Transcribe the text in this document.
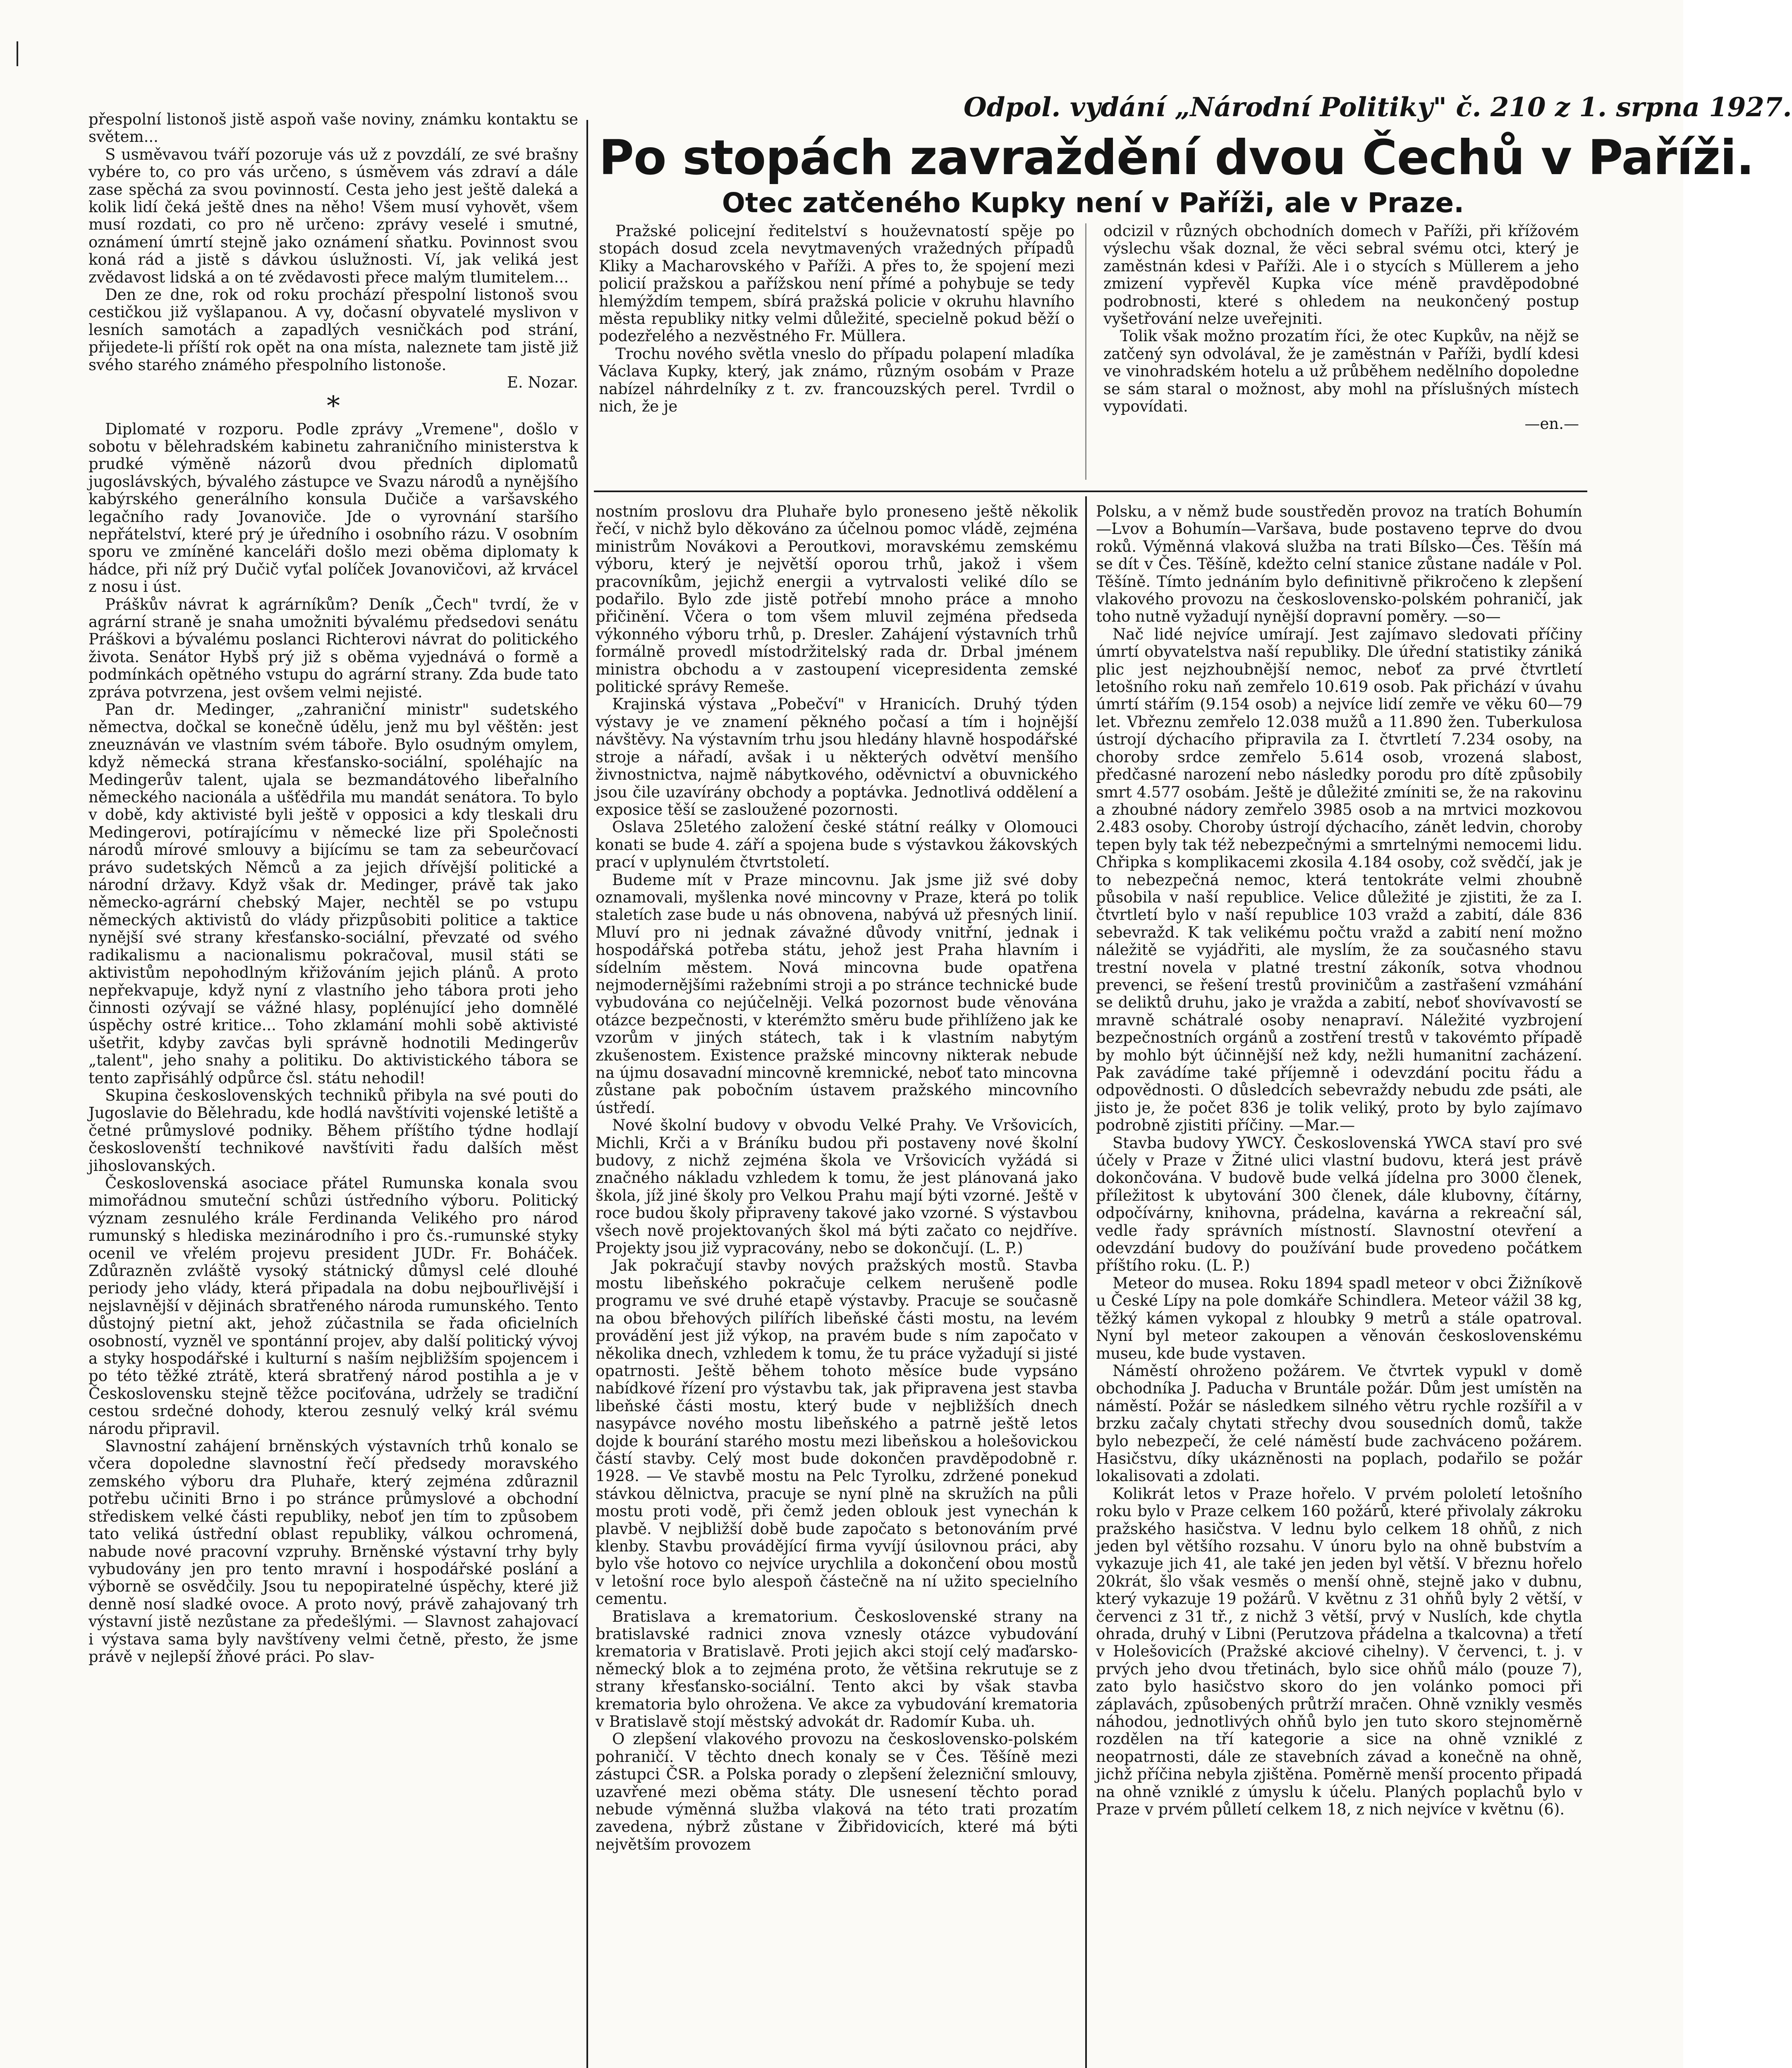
Odpol. vydání „Národní Politiky" č. 210 z 1. srpna 1927.
Po stopách zavraždění dvou Čechů v Paříži.
Otec zatčeného Kupky není v Paříži, ale v Praze.

Pražské policejní ředitelství s houževnatostí spěje po stopách dosud zcela nevytmavených vražedných případů Kliky a Macharovského v Paříži. A přes to, že spojení mezi policií pražskou a pařížskou není přímé a pohybuje se tedy hlemýždím tempem, sbírá pražská policie v okruhu hlavního města republiky nitky velmi důležité, specielně pokud běží o podezřelého a nezvěstného Fr. Müllera.

Trochu nového světla vneslo do případu polapení mladíka Václava Kupky, který, jak známo, různým osobám v Praze nabízel náhrdelníky z t. zv. francouzských perel. Tvrdil o nich, že je

odcizil v různých obchodních domech v Paříži, při křížovém výslechu však doznal, že věci sebral svému otci, který je zaměstnán kdesi v Paříži. Ale i o stycích s Müllerem a jeho zmizení vypřevěl Kupka více méně pravděpodobné podrobnosti, které s ohledem na neukončený postup vyšetřování nelze uveřejniti.

Tolik však možno prozatím říci, že otec Kupkův, na nějž se zatčený syn odvolával, že je zaměstnán v Paříži, bydlí kdesi ve vinohradském hotelu a už průběhem nedělního dopoledne se sám staral o možnost, aby mohl na příslušných místech vypovídati.

—en.—

přespolní listonoš jistě aspoň vaše noviny, známku kontaktu se světem...

S usměvavou tváří pozoruje vás už z povzdálí, ze své brašny vybére to, co pro vás určeno, s úsměvem vás zdraví a dále zase spěchá za svou povinností. Cesta jeho jest ještě daleká a kolik lidí čeká ještě dnes na něho! Všem musí vyhovět, všem musí rozdati, co pro ně určeno: zprávy veselé i smutné, oznámení úmrtí stejně jako oznámení sňatku. Povinnost svou koná rád a jistě s dávkou úslužnosti. Ví, jak veliká jest zvědavost lidská a on té zvědavosti přece malým tlumitelem...

Den ze dne, rok od roku prochází přespolní listonoš svou cestičkou již vyšlapanou. A vy, dočasní obyvatelé myslivon v lesních samotách a zapadlých vesničkách pod strání, přijedete-li příští rok opět na ona místa, naleznete tam jistě již svého starého známého přespolního listonoše.

E. Nozar.
*

Diplomaté v rozporu. Podle zprávy „Vremene", došlo v sobotu v bělehradském kabinetu zahraničního ministerstva k prudké výměně názorů dvou předních diplomatů jugoslávských, bývalého zástupce ve Svazu národů a nynějšího kabýrského generálního konsula Dučiče a varšavského legačního rady Jovanoviče. Jde o vyrovnání staršího nepřátelství, které prý je úředního i osobního rázu. V osobním sporu ve zmíněné kanceláři došlo mezi oběma diplomaty k hádce, při níž prý Dučič vyťal políček Jovanovičovi, až krvácel z nosu i úst.

Práškův návrat k agrárníkům? Deník „Čech" tvrdí, že v agrární straně je snaha umožniti bývalému předsedovi senátu Práškovi a bývalému poslanci Richterovi návrat do politického života. Senátor Hybš prý již s oběma vyjednává o formě a podmínkách opětného vstupu do agrární strany. Zda bude tato zpráva potvrzena, jest ovšem velmi nejisté.

Pan dr. Medinger, „zahraniční ministr" sudetského němectva, dočkal se konečně údělu, jenž mu byl věštěn: jest zneuznáván ve vlastním svém táboře. Bylo osudným omylem, když německá strana křesťansko-sociální, spoléhajíc na Medingerův talent, ujala se bezmandátového libeřalního německého nacionála a ušťědřila mu mandát senátora. To bylo v době, kdy aktivisté byli ještě v opposici a kdy tleskali dru Medingerovi, potírajícímu v německé lize při Společnosti národů mírové smlouvy a bijícímu se tam za sebeurčovací právo sudetských Němců a za jejich dřívější politické a národní državy. Když však dr. Medinger, právě tak jako německo-agrární chebský Majer, nechtěl se po vstupu německých aktivistů do vlády přizpůsobiti politice a taktice nynější své strany křesťansko-sociální, převzaté od svého radikalismu a nacionalismu pokračoval, musil státi se aktivistům nepohodlným křižováním jejich plánů. A proto nepřekvapuje, když nyní z vlastního jeho tábora proti jeho činnosti ozývají se vážné hlasy, poplénující jeho domnělé úspěchy ostré kritice... Toho zklamání mohli sobě aktivisté ušetřit, kdyby zavčas byli správně hodnotili Medingerův „talent", jeho snahy a politiku. Do aktivistického tábora se tento zapřisáhlý odpůrce čsl. státu nehodil!

Skupina československých techniků přibyla na své pouti do Jugoslavie do Bělehradu, kde hodlá navštíviti vojenské letiště a četné průmyslové podniky. Během příštího týdne hodlají českoslovenští technikové navštíviti řadu dalších měst jihoslovanských.

Československá asociace přátel Rumunska konala svou mimořádnou smuteční schůzi ústředního výboru. Politický význam zesnulého krále Ferdinanda Velikého pro národ rumunský s hlediska mezinárodního i pro čs.-rumunské styky ocenil ve vřelém projevu president JUDr. Fr. Boháček. Zdůrazněn zvláště vysoký státnický důmysl celé dlouhé periody jeho vlády, která připadala na dobu nejbouřlivější i nejslavnější v dějinách sbratřeného národa rumunského. Tento důstojný pietní akt, jehož zúčastnila se řada oficielních osobností, vyzněl ve spontánní projev, aby další politický vývoj a styky hospodářské i kulturní s naším nejbližším spojencem i po této těžké ztrátě, která sbratřený národ postihla a je v Československu stejně těžce pociťována, udržely se tradiční cestou srdečné dohody, kterou zesnulý velký král svému národu připravil.

Slavnostní zahájení brněnských výstavních trhů konalo se včera dopoledne slavnostní řečí předsedy moravského zemského výboru dra Pluhaře, který zejména zdůraznil potřebu učiniti Brno i po stránce průmyslové a obchodní střediskem velké části republiky, neboť jen tím to způsobem tato veliká ústřední oblast republiky, válkou ochromená, nabude nové pracovní vzpruhy. Brněnské výstavní trhy byly vybudovány jen pro tento mravní i hospodářské poslání a výborně se osvědčily. Jsou tu nepopiratelné úspěchy, které již denně nosí sladké ovoce. A proto nový, právě zahajovaný trh výstavní jistě nezůstane za předešlými. — Slavnost zahajovací i výstava sama byly navštíveny velmi četně, přesto, že jsme právě v nejlepší žňové práci. Po slav-

nostním proslovu dra Pluhaře bylo proneseno ještě několik řečí, v nichž bylo děkováno za účelnou pomoc vládě, zejména ministrům Novákovi a Peroutkovi, moravskému zemskému výboru, který je největší oporou trhů, jakož i všem pracovníkům, jejichž energii a vytrvalosti veliké dílo se podařilo. Bylo zde jistě potřebí mnoho práce a mnoho přičinění. Včera o tom všem mluvil zejména předseda výkonného výboru trhů, p. Dresler. Zahájení výstavních trhů formálně provedl místodržitelský rada dr. Drbal jménem ministra obchodu a v zastoupení vicepresidenta zemské politické správy Remeše.

Krajinská výstava „Pobečví" v Hranicích. Druhý týden výstavy je ve znamení pěkného počasí a tím i hojnější návštěvy. Na výstavním trhu jsou hledány hlavně hospodářské stroje a nářadí, avšak i u některých odvětví menšího živnostnictva, najmě nábytkového, oděvnictví a obuvnického jsou čile uzavírány obchody a poptávka. Jednotlivá oddělení a exposice těší se zasloužené pozornosti.

Oslava 25letého založení české státní reálky v Olomouci konati se bude 4. září a spojena bude s výstavkou žákovských prací v uplynulém čtvrtstoletí.

Budeme mít v Praze mincovnu. Jak jsme již své doby oznamovali, myšlenka nové mincovny v Praze, která po tolik staletích zase bude u nás obnovena, nabývá už přesných linií. Mluví pro ni jednak závažné důvody vnitřní, jednak i hospodářská potřeba státu, jehož jest Praha hlavním i sídelním městem. Nová mincovna bude opatřena nejmodernějšími ražebními stroji a po stránce technické bude vybudována co nejúčelněji. Velká pozornost bude věnována otázce bezpečnosti, v kterémžto směru bude přihlíženo jak ke vzorům v jiných státech, tak i k vlastním nabytým zkušenostem. Existence pražské mincovny nikterak nebude na újmu dosavadní mincovně kremnické, neboť tato mincovna zůstane pak pobočním ústavem pražského mincovního ústředí.

Nové školní budovy v obvodu Velké Prahy. Ve Vršovicích, Michli, Krči a v Bráníku budou při postaveny nové školní budovy, z nichž zejména škola ve Vršovicích vyžádá si značného nákladu vzhledem k tomu, že jest plánovaná jako škola, jíž jiné školy pro Velkou Prahu mají býti vzorné. Ještě v roce budou školy připraveny takové jako vzorné. S výstavbou všech nově projektovaných škol má býti začato co nejdříve. Projekty jsou již vypracovány, nebo se dokončují. (L. P.)

Jak pokračují stavby nových pražských mostů. Stavba mostu libeňského pokračuje celkem nerušeně podle programu ve své druhé etapě výstavby. Pracuje se současně na obou břehových pilířích libeňské části mostu, na levém provádění jest již výkop, na pravém bude s ním započato v několika dnech, vzhledem k tomu, že tu práce vyžadují si jisté opatrnosti. Ještě během tohoto měsíce bude vypsáno nabídkové řízení pro výstavbu tak, jak připravena jest stavba libeňské části mostu, který bude v nejbližších dnech nasypávce nového mostu libeňského a patrně ještě letos dojde k bourání starého mostu mezi libeňskou a holešovickou částí stavby. Celý most bude dokončen pravděpodobně r. 1928. — Ve stavbě mostu na Pelc Tyrolku, zdržené ponekud stávkou dělnictva, pracuje se nyní plně na skružích na půli mostu proti vodě, při čemž jeden oblouk jest vynechán k plavbě. V nejbližší době bude započato s betonováním prvé klenby. Stavbu provádějící firma vyvíjí úsilovnou práci, aby bylo vše hotovo co nejvíce urychlila a dokončení obou mostů v letošní roce bylo alespoň částečně na ní užito specielního cementu.

Bratislava a krematorium. Československé strany na bratislavské radnici znova vznesly otázce vybudování krematoria v Bratislavě. Proti jejich akci stojí celý maďarsko-německý blok a to zejména proto, že většina rekrutuje se z strany křesťansko-sociální. Tento akci by však stavba krematoria bylo ohrožena. Ve akce za vybudování krematoria v Bratislavě stojí městský advokát dr. Radomír Kuba. uh.

O zlepšení vlakového provozu na československo-polském pohraničí. V těchto dnech konaly se v Čes. Těšíně mezi zástupci ČSR. a Polska porady o zlepšení železniční smlouvy, uzavřené mezi oběma státy. Dle usnesení těchto porad nebude výměnná služba vlaková na této trati prozatím zavedena, nýbrž zůstane v Žibřidovicích, které má býti největším provozem

Polsku, a v němž bude soustředěn provoz na tratích Bohumín—Lvov a Bohumín—Varšava, bude postaveno teprve do dvou roků. Výměnná vlaková služba na trati Bílsko—Čes. Těšín má se dít v Čes. Těšíně, kdežto celní stanice zůstane nadále v Pol. Těšíně. Tímto jednáním bylo definitivně přikročeno k zlepšení vlakového provozu na československo-polském pohraničí, jak toho nutně vyžadují nynější dopravní poměry. —so—

Nač lidé nejvíce umírají. Jest zajímavo sledovati příčiny úmrtí obyvatelstva naší republiky. Dle úřední statistiky zániká plic jest nejzhoubnější nemoc, neboť za prvé čtvrtletí letošního roku naň zemřelo 10.619 osob. Pak přichází v úvahu úmrtí stářím (9.154 osob) a nejvíce lidí zemře ve věku 60—79 let. Vbřeznu zemřelo 12.038 mužů a 11.890 žen. Tuberkulosa ústrojí dýchacího připravila za I. čtvrtletí 7.234 osoby, na choroby srdce zemřelo 5.614 osob, vrozená slabost, předčasné narození nebo následky porodu pro dítě způsobily smrt 4.577 osobám. Ještě je důležité zmíniti se, že na rakovinu a zhoubné nádory zemřelo 3985 osob a na mrtvici mozkovou 2.483 osoby. Choroby ústrojí dýchacího, zánět ledvin, choroby tepen byly tak též nebezpečnými a smrtelnými nemocemi lidu. Chřipka s komplikacemi zkosila 4.184 osoby, což svědčí, jak je to nebezpečná nemoc, která tentokráte velmi zhoubně působila v naší republice. Velice důležité je zjistiti, že za I. čtvrtletí bylo v naší republice 103 vražd a zabití, dále 836 sebevražd. K tak velikému počtu vražd a zabití není možno náležitě se vyjádřiti, ale myslím, že za současného stavu trestní novela v platné trestní zákoník, sotva vhodnou prevenci, se řešení trestů proviničům a zastřašení vzmáhání se deliktů druhu, jako je vražda a zabití, neboť shovívavostí se mravně schátralé osoby nenapraví. Náležité vyzbrojení bezpečnostních orgánů a zostření trestů v takovémto případě by mohlo být účinnější než kdy, nežli humanitní zacházení. Pak zavádíme také příjemně i odevzdání pocitu řádu a odpovědnosti. O důsledcích sebevraždy nebudu zde psáti, ale jisto je, že počet 836 je tolik veliký, proto by bylo zajímavo podrobně zjistiti příčiny. —Mar.—

Stavba budovy YWCY. Československá YWCA staví pro své účely v Praze v Žitné ulici vlastní budovu, která jest právě dokončována. V budově bude velká jídelna pro 3000 členek, příležitost k ubytování 300 členek, dále klubovny, čítárny, odpočívárny, knihovna, prádelna, kavárna a rekreační sál, vedle řady správních místností. Slavnostní otevření a odevzdání budovy do používání bude provedeno počátkem příštího roku. (L. P.)

Meteor do musea. Roku 1894 spadl meteor v obci Žižníkově u České Lípy na pole domkáře Schindlera. Meteor vážil 38 kg, těžký kámen vykopal z hloubky 9 metrů a stále opatroval. Nyní byl meteor zakoupen a věnován československému museu, kde bude vystaven.

Náměstí ohroženo požárem. Ve čtvrtek vypukl v domě obchodníka J. Paducha v Bruntále požár. Dům jest umístěn na náměstí. Požár se následkem silného větru rychle rozšířil a v brzku začaly chytati střechy dvou sousedních domů, takže bylo nebezpečí, že celé náměstí bude zachváceno požárem. Hasičstvu, díky ukázněnosti na poplach, podařilo se požár lokalisovati a zdolati.

Kolikrát letos v Praze hořelo. V prvém pololetí letošního roku bylo v Praze celkem 160 požárů, které přivolaly zákroku pražského hasičstva. V lednu bylo celkem 18 ohňů, z nich jeden byl většího rozsahu. V únoru bylo na ohně bubstvím a vykazuje jich 41, ale také jen jeden byl větší. V březnu hořelo 20krát, šlo však vesměs o menší ohně, stejně jako v dubnu, který vykazuje 19 požárů. V květnu z 31 ohňů byly 2 větší, v červenci z 31 tř., z nichž 3 větší, prvý v Nuslích, kde chytla ohrada, druhý v Libni (Perutzova přádelna a tkalcovna) a třetí v Holešovicích (Pražské akciové cihelny). V červenci, t. j. v prvých jeho dvou třetinách, bylo sice ohňů málo (pouze 7), zato bylo hasičstvo skoro do jen volánko pomoci při záplavách, způsobených průtrží mračen. Ohně vznikly vesměs náhodou, jednotlivých ohňů bylo jen tuto skoro stejnoměrně rozdělen na tří kategorie a sice na ohně vzniklé z neopatrnosti, dále ze stavebních závad a konečně na ohně, jichž příčina nebyla zjištěna. Poměrně menší procento připadá na ohně vzniklé z úmyslu k účelu. Planých poplachů bylo v Praze v prvém půlletí celkem 18, z nich nejvíce v květnu (6).
